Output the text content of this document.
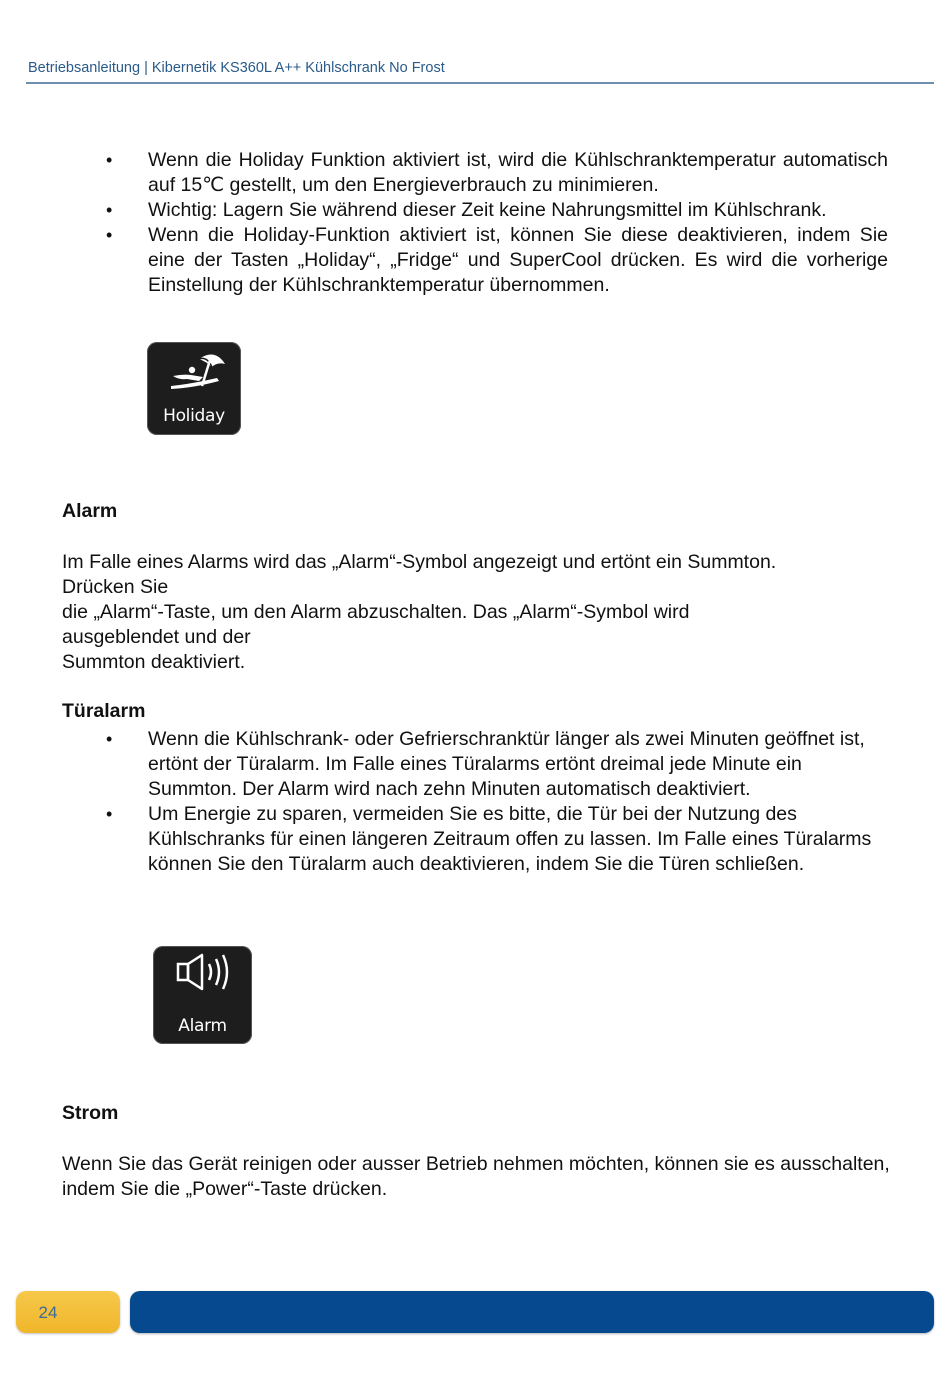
Betriebsanleitung | Kibernetik KS360L A++ Kühlschrank No Frost
• Wenn die Holiday Funktion aktiviert ist, wird die Kühlschranktemperatur automatisch auf 15℃ gestellt, um den Energieverbrauch zu minimieren.
• Wichtig: Lagern Sie während dieser Zeit keine Nahrungsmittel im Kühlschrank.
• Wenn die Holiday-Funktion aktiviert ist, können Sie diese deaktivieren, indem Sie eine der Tasten „Holiday“, „Fridge“ und SuperCool drücken. Es wird die vorherige Einstellung der Kühlschranktemperatur übernommen.
Holiday
Alarm
Im Falle eines Alarms wird das „Alarm“-Symbol angezeigt und ertönt ein Summton.
Drücken Sie
die „Alarm“-Taste, um den Alarm abzuschalten. Das „Alarm“-Symbol wird
ausgeblendet und der
Summton deaktiviert.
Türalarm
• Wenn die Kühlschrank- oder Gefrierschranktür länger als zwei Minuten geöffnet ist, ertönt der Türalarm. Im Falle eines Türalarms ertönt dreimal jede Minute ein Summton. Der Alarm wird nach zehn Minuten automatisch deaktiviert.
• Um Energie zu sparen, vermeiden Sie es bitte, die Tür bei der Nutzung des Kühlschranks für einen längeren Zeitraum offen zu lassen. Im Falle eines Türalarms können Sie den Türalarm auch deaktivieren, indem Sie die Türen schließen.
Alarm
Strom
Wenn Sie das Gerät reinigen oder ausser Betrieb nehmen möchten, können sie es ausschalten, indem Sie die „Power“-Taste drücken.
24
